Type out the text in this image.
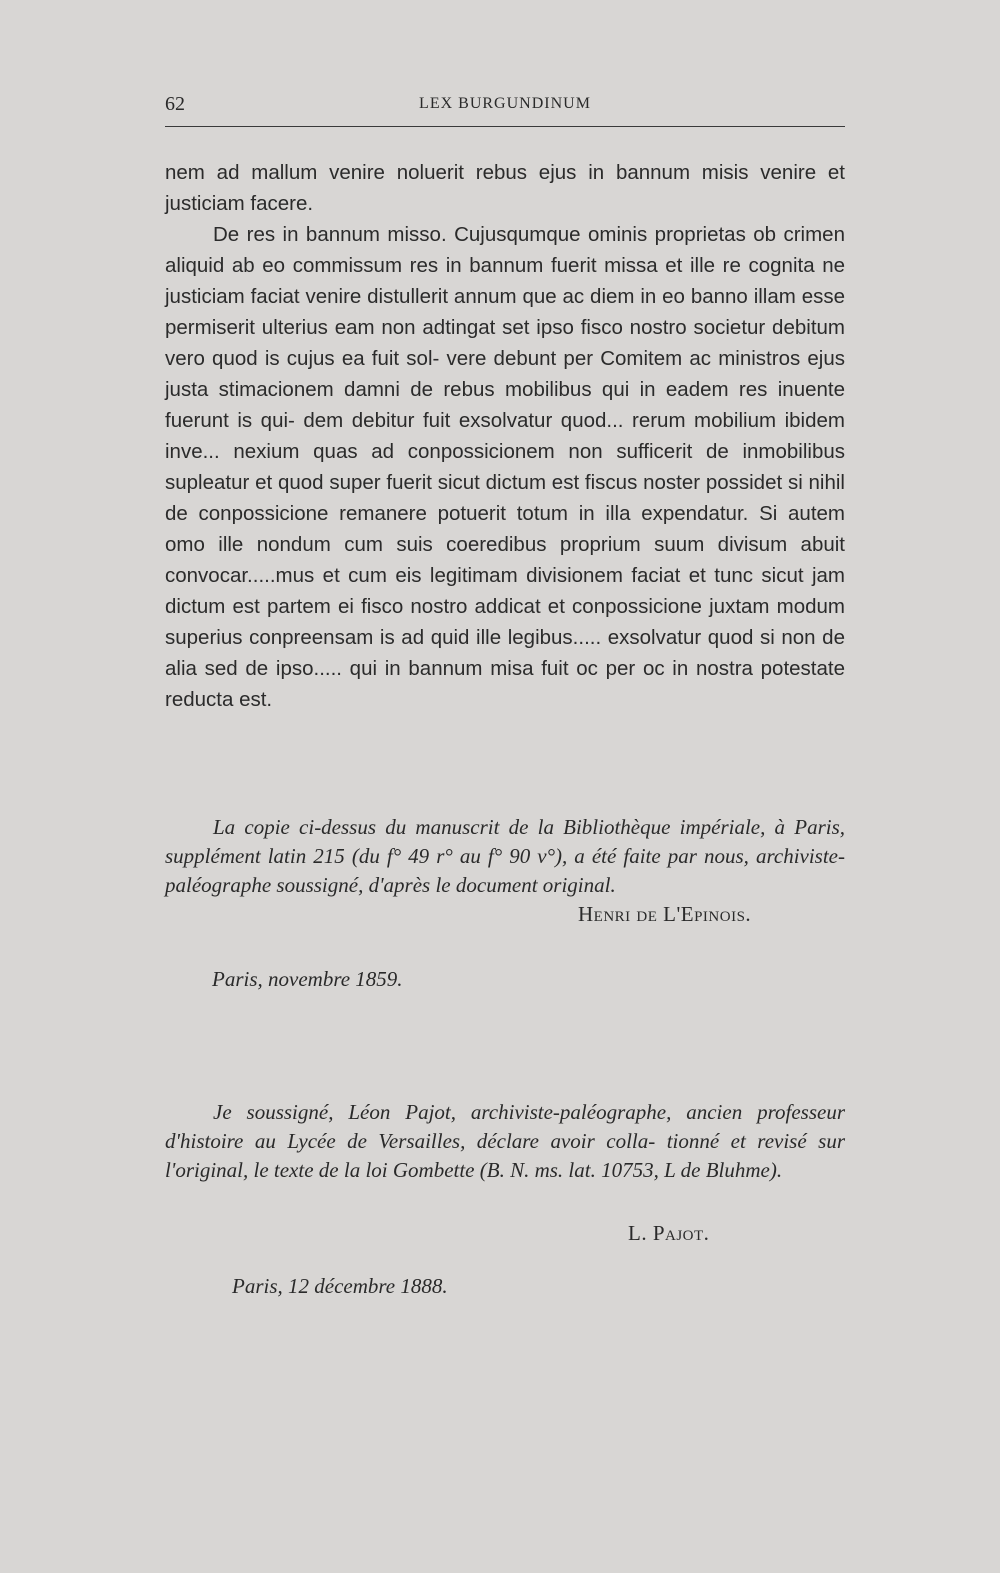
62	LEX BURGUNDINUM

nem ad mallum venire noluerit rebus ejus in bannum misis venire et justiciam facere.

De res in bannum misso. Cujusqumque ominis proprietas ob crimen aliquid ab eo commissum res in bannum fuerit missa et ille re cognita ne justiciam faciat venire distullerit annum que ac diem in eo banno illam esse permiserit ulterius eam non adtingat set ipso fisco nostro societur debitum vero quod is cujus ea fuit sol- vere debunt per Comitem ac ministros ejus justa stimacionem damni de rebus mobilibus qui in eadem res inuente fuerunt is qui- dem debitur fuit exsolvatur quod... rerum mobilium ibidem inve... nexium quas ad conpossicionem non sufficerit de inmobilibus supleatur et quod super fuerit sicut dictum est fiscus noster possidet si nihil de conpossicione remanere potuerit totum in illa expendatur. Si autem omo ille nondum cum suis coeredibus proprium suum divisum abuit convocar.....mus et cum eis legitimam divisionem faciat et tunc sicut jam dictum est partem ei fisco nostro addicat et conpossicione juxtam modum superius conpreensam is ad quid ille legibus..... exsolvatur quod si non de alia sed de ipso..... qui in bannum misa fuit oc per oc in nostra potestate reducta est.

La copie ci-dessus du manuscrit de la Bibliothèque impériale, à Paris, supplément latin 215 (du f° 49 r° au f° 90 v°), a été faite par nous, archiviste-paléographe soussigné, d'après le document original.

Henri de L'Epinois.
Paris, novembre 1859.

Je soussigné, Léon Pajot, archiviste-paléographe, ancien professeur d'histoire au Lycée de Versailles, déclare avoir colla- tionné et revisé sur l'original, le texte de la loi Gombette (B. N. ms. lat. 10753, L de Bluhme).

L. Pajot.
Paris, 12 décembre 1888.
